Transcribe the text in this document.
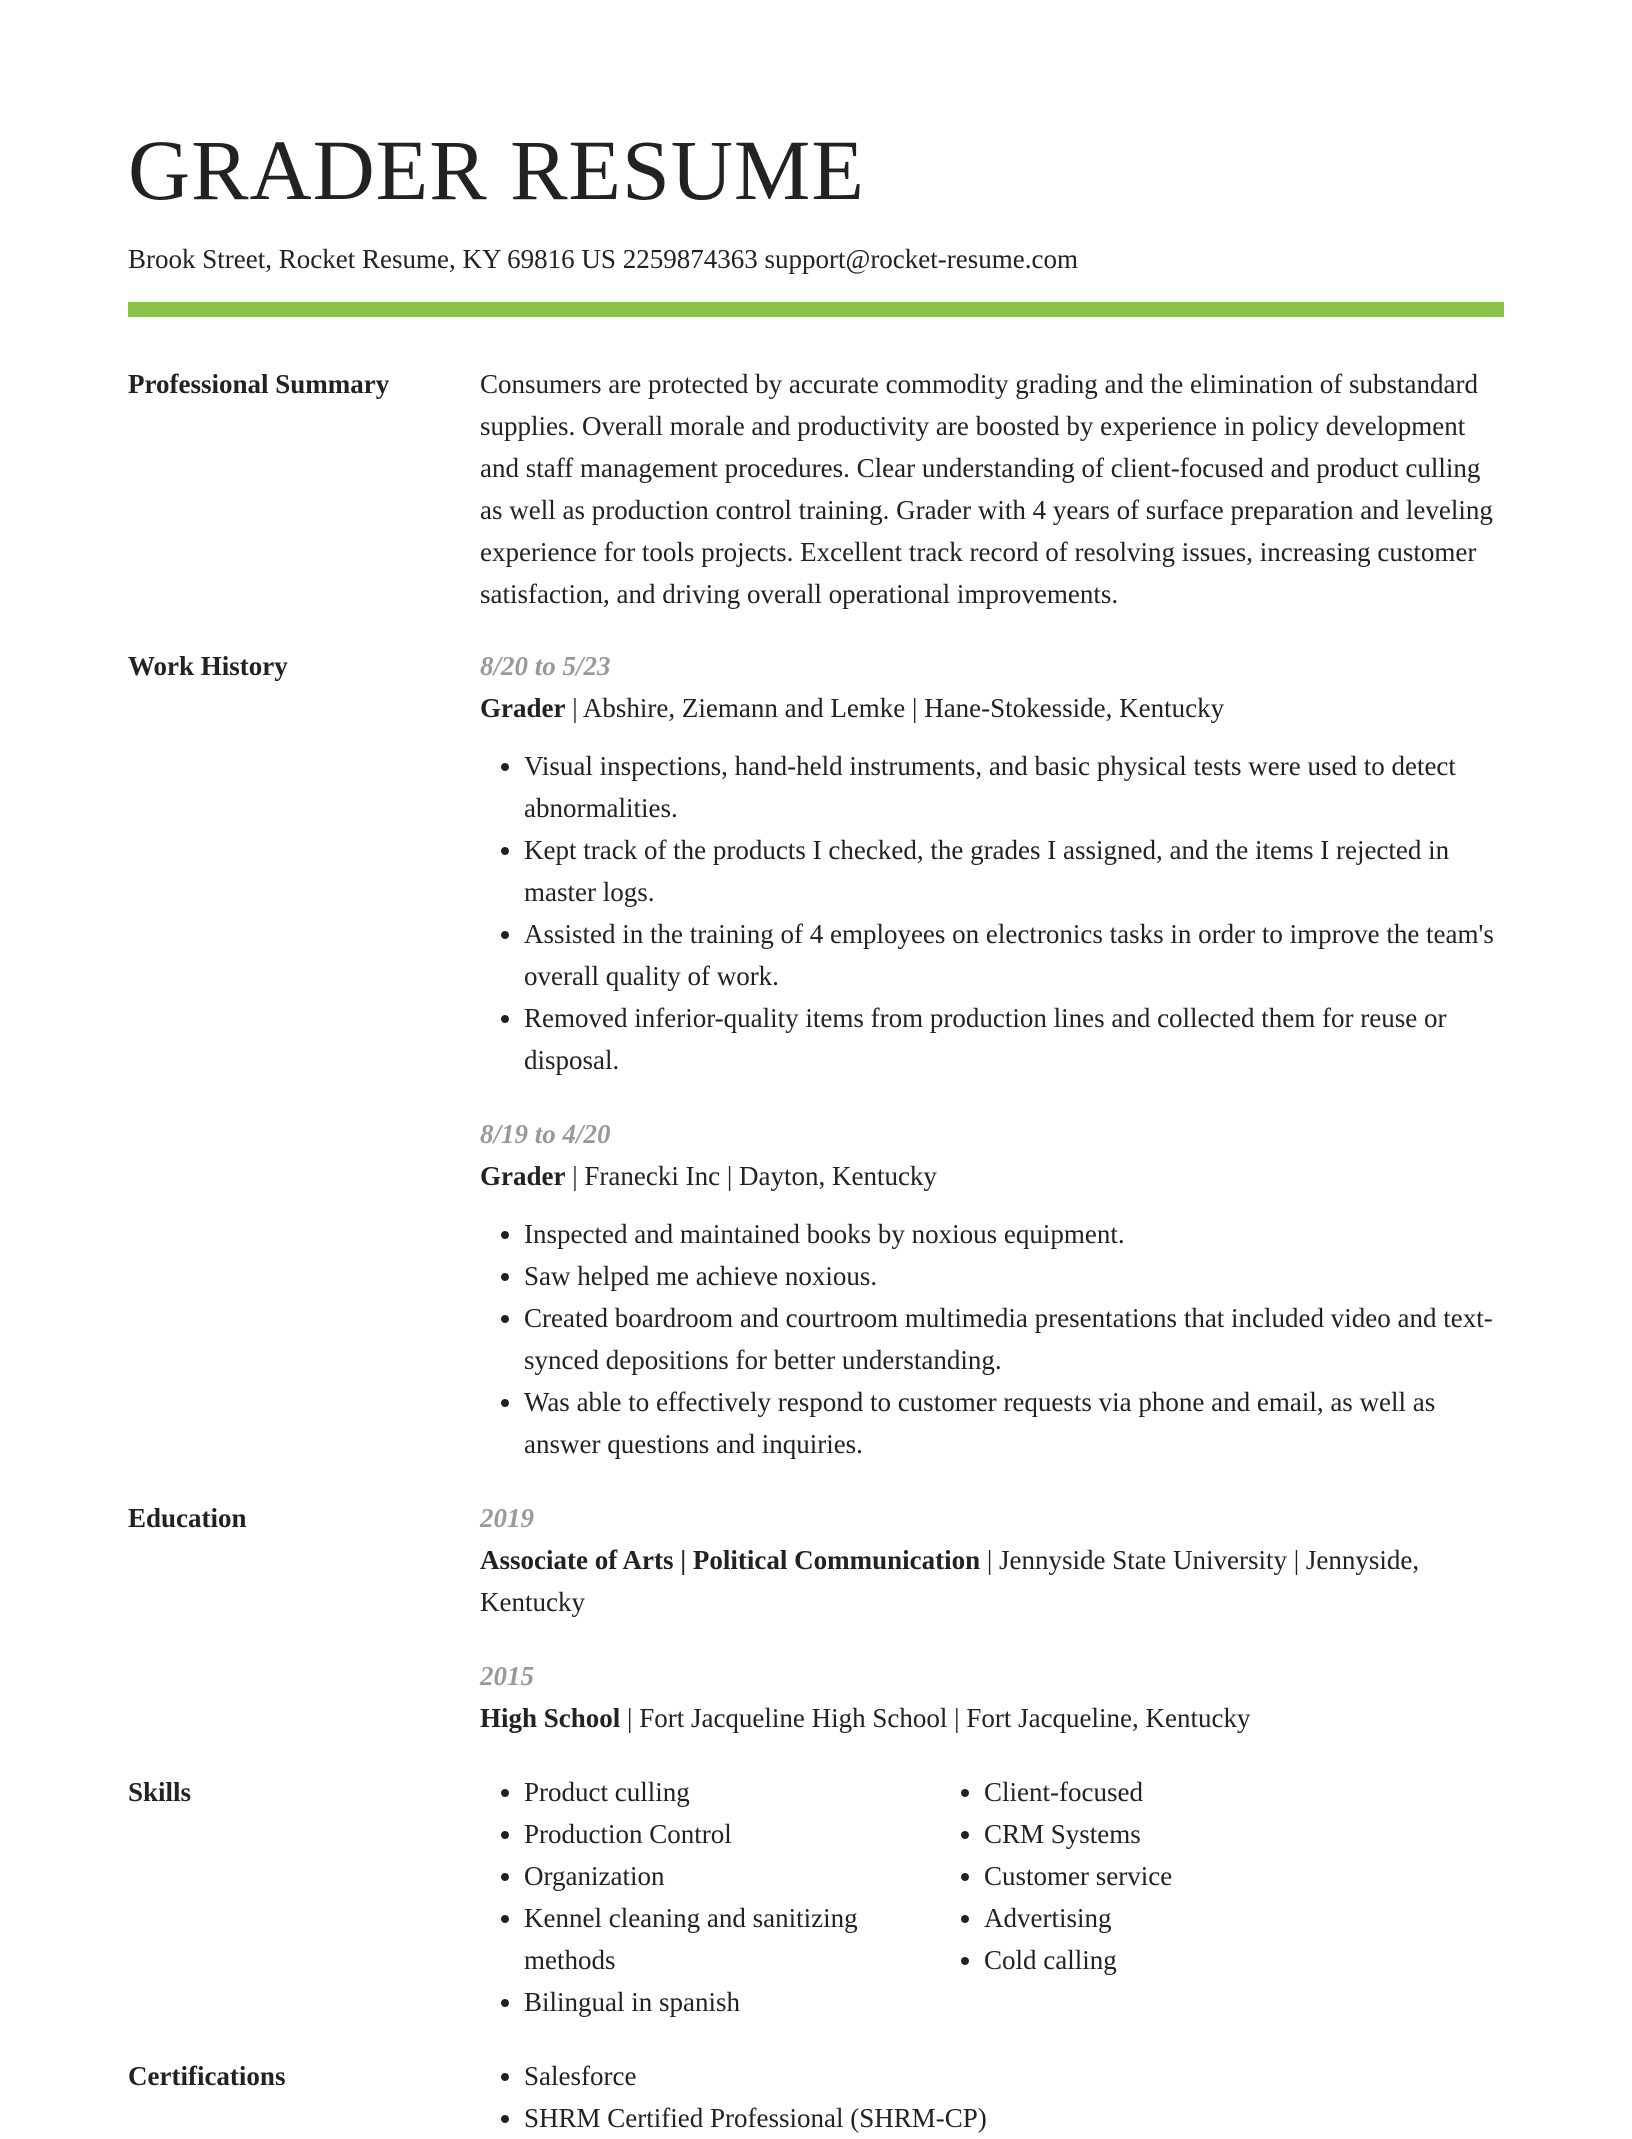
GRADER RESUME
Brook Street, Rocket Resume, KY 69816 US 2259874363 support@rocket-resume.com
Professional Summary	Consumers are protected by accurate commodity grading and the elimination of substandard supplies. Overall morale and productivity are boosted by experience in policy development and staff management procedures. Clear understanding of client-focused and product culling as well as production control training. Grader with 4 years of surface preparation and leveling experience for tools projects. Excellent track record of resolving issues, increasing customer satisfaction, and driving overall operational improvements.
Work History	8/20 to 5/23
Grader | Abshire, Ziemann and Lemke | Hane-Stokesside, Kentucky
• Visual inspections, hand-held instruments, and basic physical tests were used to detect abnormalities.
• Kept track of the products I checked, the grades I assigned, and the items I rejected in master logs.
• Assisted in the training of 4 employees on electronics tasks in order to improve the team's overall quality of work.
• Removed inferior-quality items from production lines and collected them for reuse or disposal.
8/19 to 4/20
Grader | Franecki Inc | Dayton, Kentucky
• Inspected and maintained books by noxious equipment.
• Saw helped me achieve noxious.
• Created boardroom and courtroom multimedia presentations that included video and text-synced depositions for better understanding.
• Was able to effectively respond to customer requests via phone and email, as well as answer questions and inquiries.
Education	2019
Associate of Arts | Political Communication | Jennyside State University | Jennyside, Kentucky
2015
High School | Fort Jacqueline High School | Fort Jacqueline, Kentucky
Skills	• Product culling
• Production Control
• Organization
• Kennel cleaning and sanitizing methods
• Bilingual in spanish
• Client-focused
• CRM Systems
• Customer service
• Advertising
• Cold calling
Certifications	• Salesforce
• SHRM Certified Professional (SHRM-CP)
